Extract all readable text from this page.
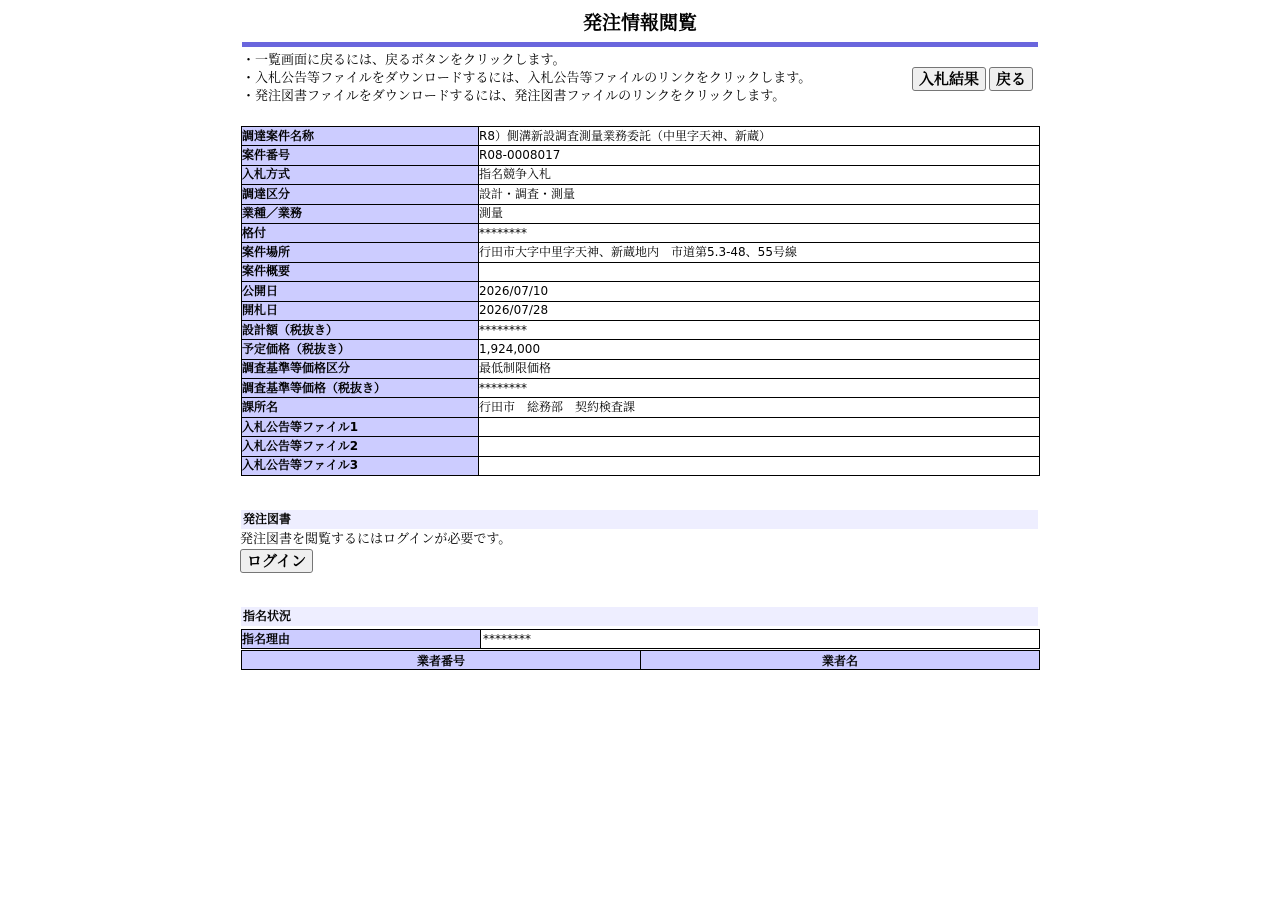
発注情報閲覧
・一覧画面に戻るには、戻るボタンをクリックします。
・入札公告等ファイルをダウンロードするには、入札公告等ファイルのリンクをクリックします。
・発注図書ファイルをダウンロードするには、発注図書ファイルのリンクをクリックします。
入札結果	戻る
調達案件名称	R8）側溝新設調査測量業務委託（中里字天神、新蔵）
案件番号	R08-0008017
入札方式	指名競争入札
調達区分	設計・調査・測量
業種／業務	測量
格付	********
案件場所	行田市大字中里字天神、新蔵地内　市道第5.3-48、55号線
案件概要	
公開日	2026/07/10
開札日	2026/07/28
設計額（税抜き）	********
予定価格（税抜き）	1,924,000
調査基準等価格区分	最低制限価格
調査基準等価格（税抜き）	********
課所名	行田市　総務部　契約検査課
入札公告等ファイル1	
入札公告等ファイル2	
入札公告等ファイル3	
発注図書
発注図書を閲覧するにはログインが必要です。
ログイン
指名状況
指名理由	********
業者番号	業者名
